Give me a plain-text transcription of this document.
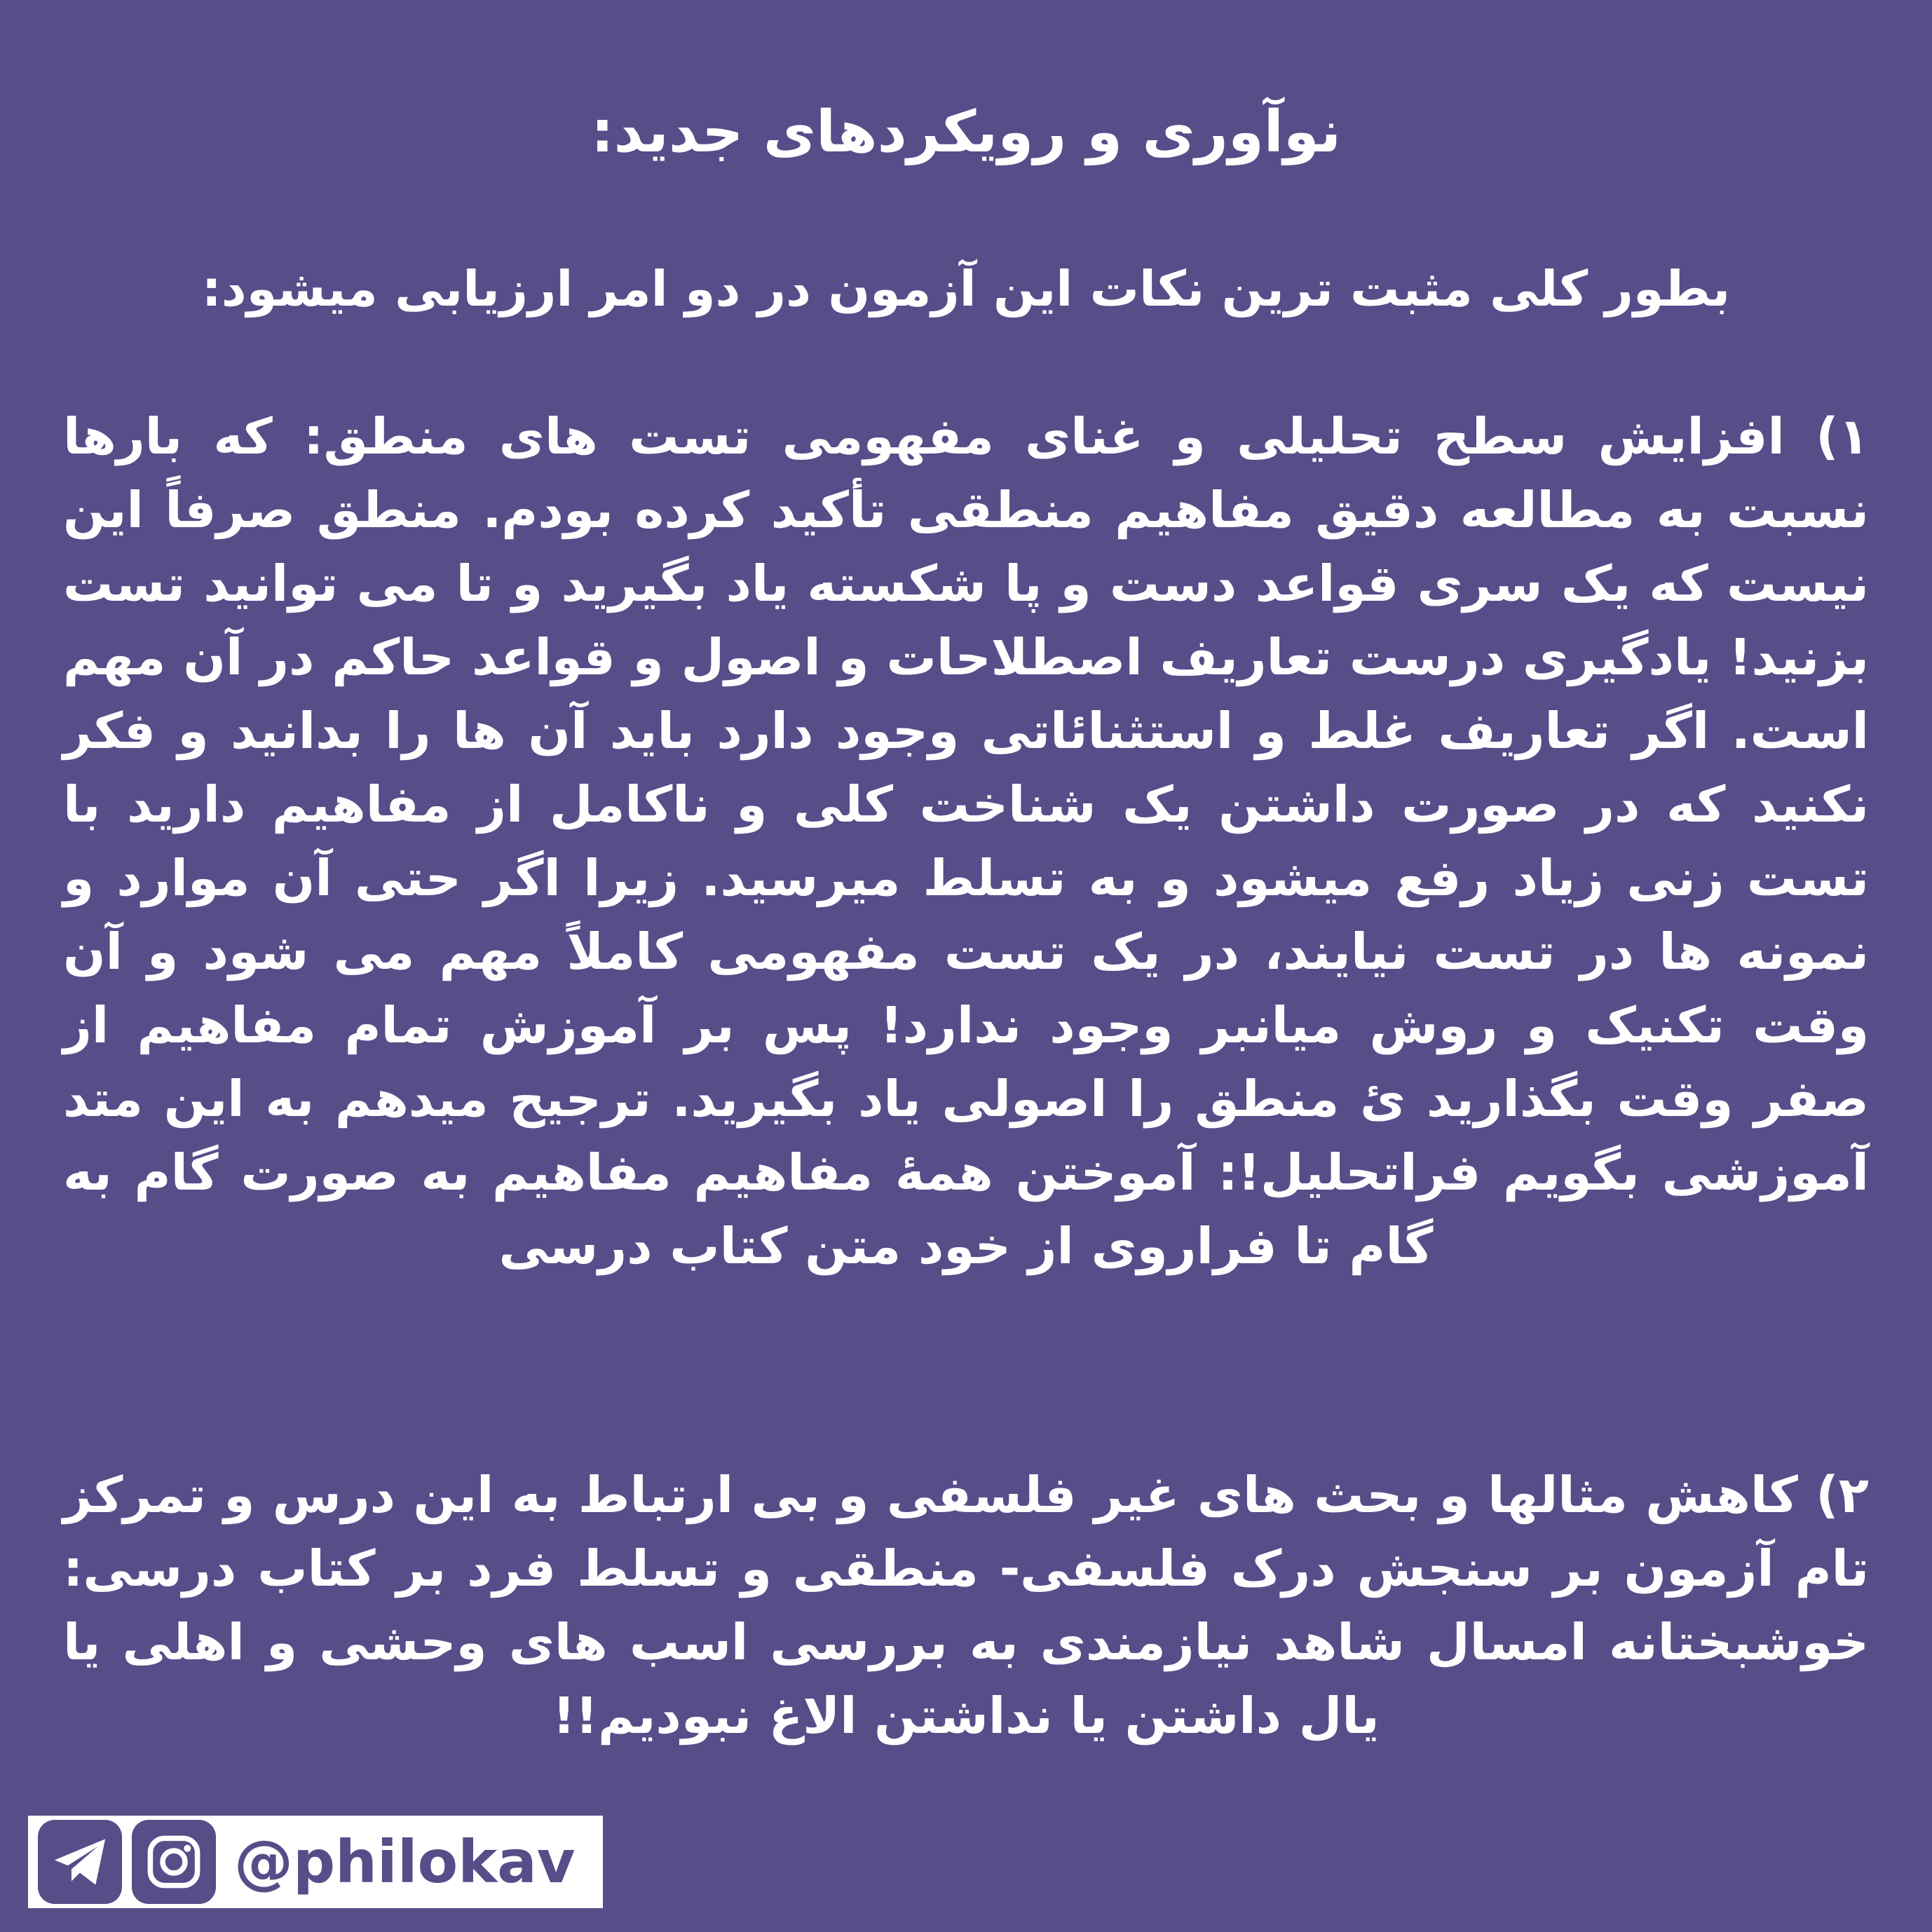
نوآوری و رویکردهای جدید:
بطور کلی مثبت ترین نکات این آزمون در دو امر ارزیابی میشود:

۱) افزایش سطح تحلیلی و غنای مفهومی تست های منطق: که بارها نسبت به مطالعه دقیق مفاهیم منطقی تأکید کرده بودم. منطق صرفاً این نیست که یک سری قواعد دست و پا شکسته یاد بگیرید و تا می توانید تست بزنید! یادگیری درست تعاریف اصطلاحات و اصول و قواعد حاکم در آن مهم است. اگر تعاریف غلط و استثنائاتی وجود دارد باید آن ها را بدانید و فکر نکنید که در صورت داشتن یک شناخت کلی و ناکامل از مفاهیم دارید با تست زنی زیاد رفع میشود و به تسلط میرسید. زیرا اگر حتی آن موارد و نمونه ها در تست نیایند، در یک تست مفهومی کاملاً مهم می شود و آن وقت تکنیک و روش میانبر وجود ندارد! پس بر آموزش تمام مفاهیم از صفر وقت بگذارید ئ منطق را اصولی یاد بگیرید. ترجیح میدهم به این متد آموزشی بگویم فراتحلیل!: آموختن همهٔ مفاهیم مفاهیم به صورت گام به گام تا فراروی از خود متن کتاب درسی

۲) کاهش مثالها و بحث های غیر فلسفی و بی ارتباط به این درس و تمرکز تام آزمون بر سنجش درک فلسفی- منطقی و تسلط فرد بر کتاب درسی: خوشبختانه امسال شاهد نیازمندی به بررسی اسب های وحشی و اهلی یا یال داشتن یا نداشتن الاغ نبودیم!!

@philokav
